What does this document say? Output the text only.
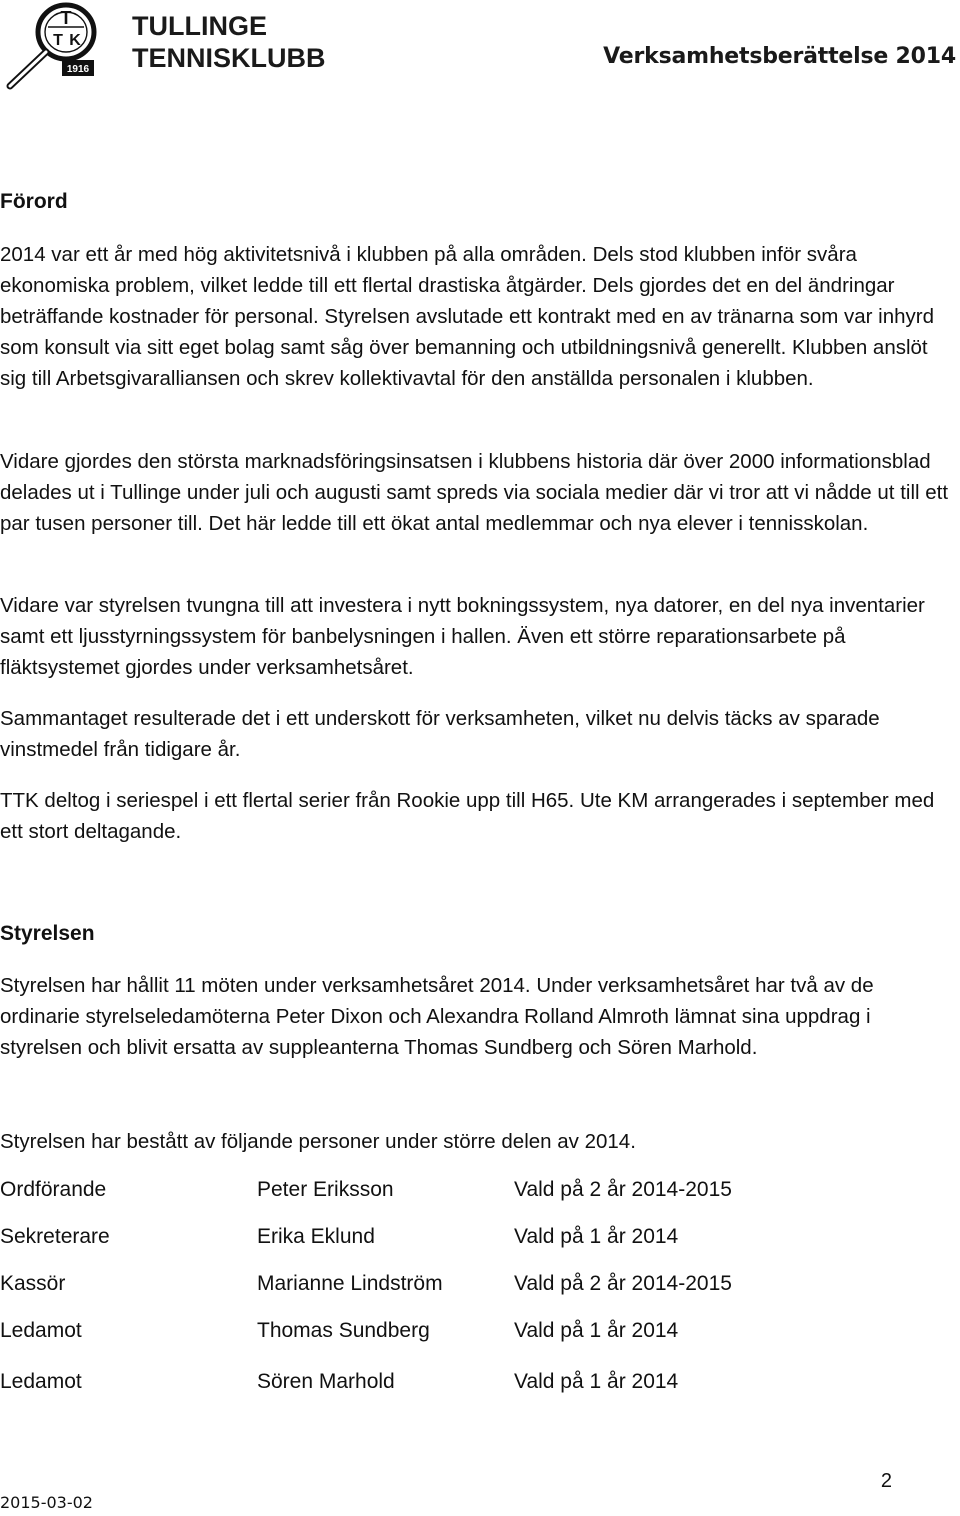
T
T K
1916
TULLINGE
TENNISKLUBB	Verksamhetsberättelse 2014
Förord

2014 var ett år med hög aktivitetsnivå i klubben på alla områden. Dels stod klubben inför svåra ekonomiska problem, vilket ledde till ett flertal drastiska åtgärder. Dels gjordes det en del ändringar beträffande kostnader för personal. Styrelsen avslutade ett kontrakt med en av tränarna som var inhyrd som konsult via sitt eget bolag samt såg över bemanning och utbildningsnivå generellt. Klubben anslöt sig till Arbetsgivaralliansen och skrev kollektivavtal för den anställda personalen i klubben.

Vidare gjordes den största marknadsföringsinsatsen i klubbens historia där över 2000 informationsblad delades ut i Tullinge under juli och augusti samt spreds via sociala medier där vi tror att vi nådde ut till ett par tusen personer till. Det här ledde till ett ökat antal medlemmar och nya elever i tennisskolan.

Vidare var styrelsen tvungna till att investera i nytt bokningssystem, nya datorer, en del nya inventarier samt ett ljusstyrningssystem för banbelysningen i hallen. Även ett större reparationsarbete på fläktsystemet gjordes under verksamhetsåret.

Sammantaget resulterade det i ett underskott för verksamheten, vilket nu delvis täcks av sparade vinstmedel från tidigare år.

TTK deltog i seriespel i ett flertal serier från Rookie upp till H65. Ute KM arrangerades i september med ett stort deltagande.

Styrelsen

Styrelsen har hållit 11 möten under verksamhetsåret 2014. Under verksamhetsåret har två av de ordinarie styrelseledamöterna Peter Dixon och Alexandra Rolland Almroth lämnat sina uppdrag i styrelsen och blivit ersatta av suppleanterna Thomas Sundberg och Sören Marhold.

Styrelsen har bestått av följande personer under större delen av 2014.

Ordförande	Peter Eriksson	Vald på 2 år 2014-2015
Sekreterare	Erika Eklund	Vald på 1 år 2014
Kassör	Marianne Lindström	Vald på 2 år 2014-2015
Ledamot	Thomas Sundberg	Vald på 1 år 2014
Ledamot	Sören Marhold	Vald på 1 år 2014
2
2015-03-02
